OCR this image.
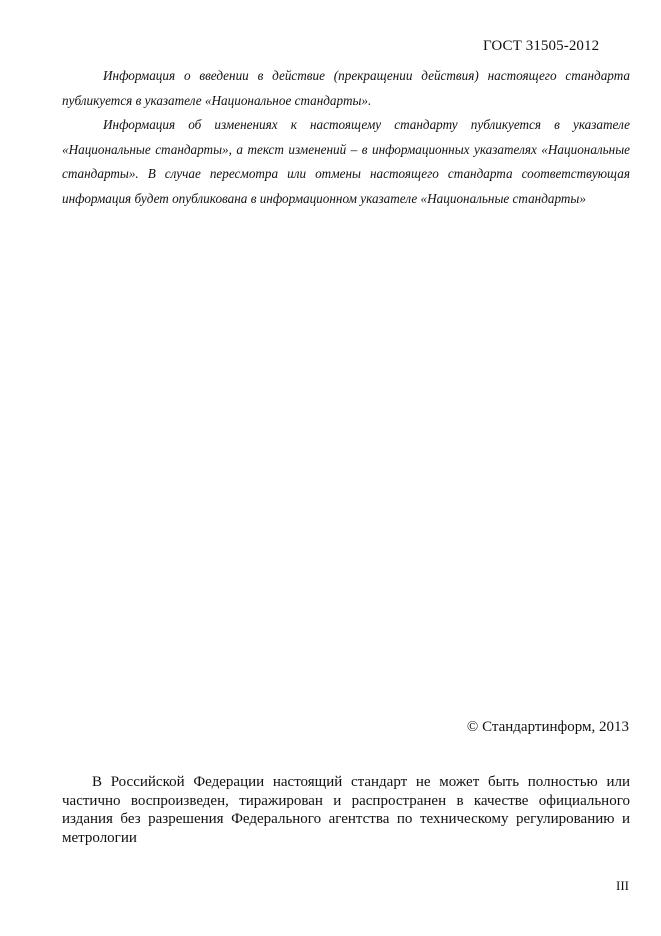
ГОСТ 31505-2012

Информация о введении в действие (прекращении действия) настоящего стандарта публикуется в указателе «Национальное стандарты».

Информация об изменениях к настоящему стандарту публикуется в указателе «Национальные стандарты», а текст изменений – в информационных указателях «Национальные стандарты». В случае пересмотра или отмены настоящего стандарта соответствующая информация будет опубликована в информационном указателе «Национальные стандарты»

© Стандартинформ, 2013

В Российской Федерации настоящий стандарт не может быть полностью или частично воспроизведен, тиражирован и распространен в качестве официального издания без разрешения Федерального агентства по техническому регулированию и метрологии

III
